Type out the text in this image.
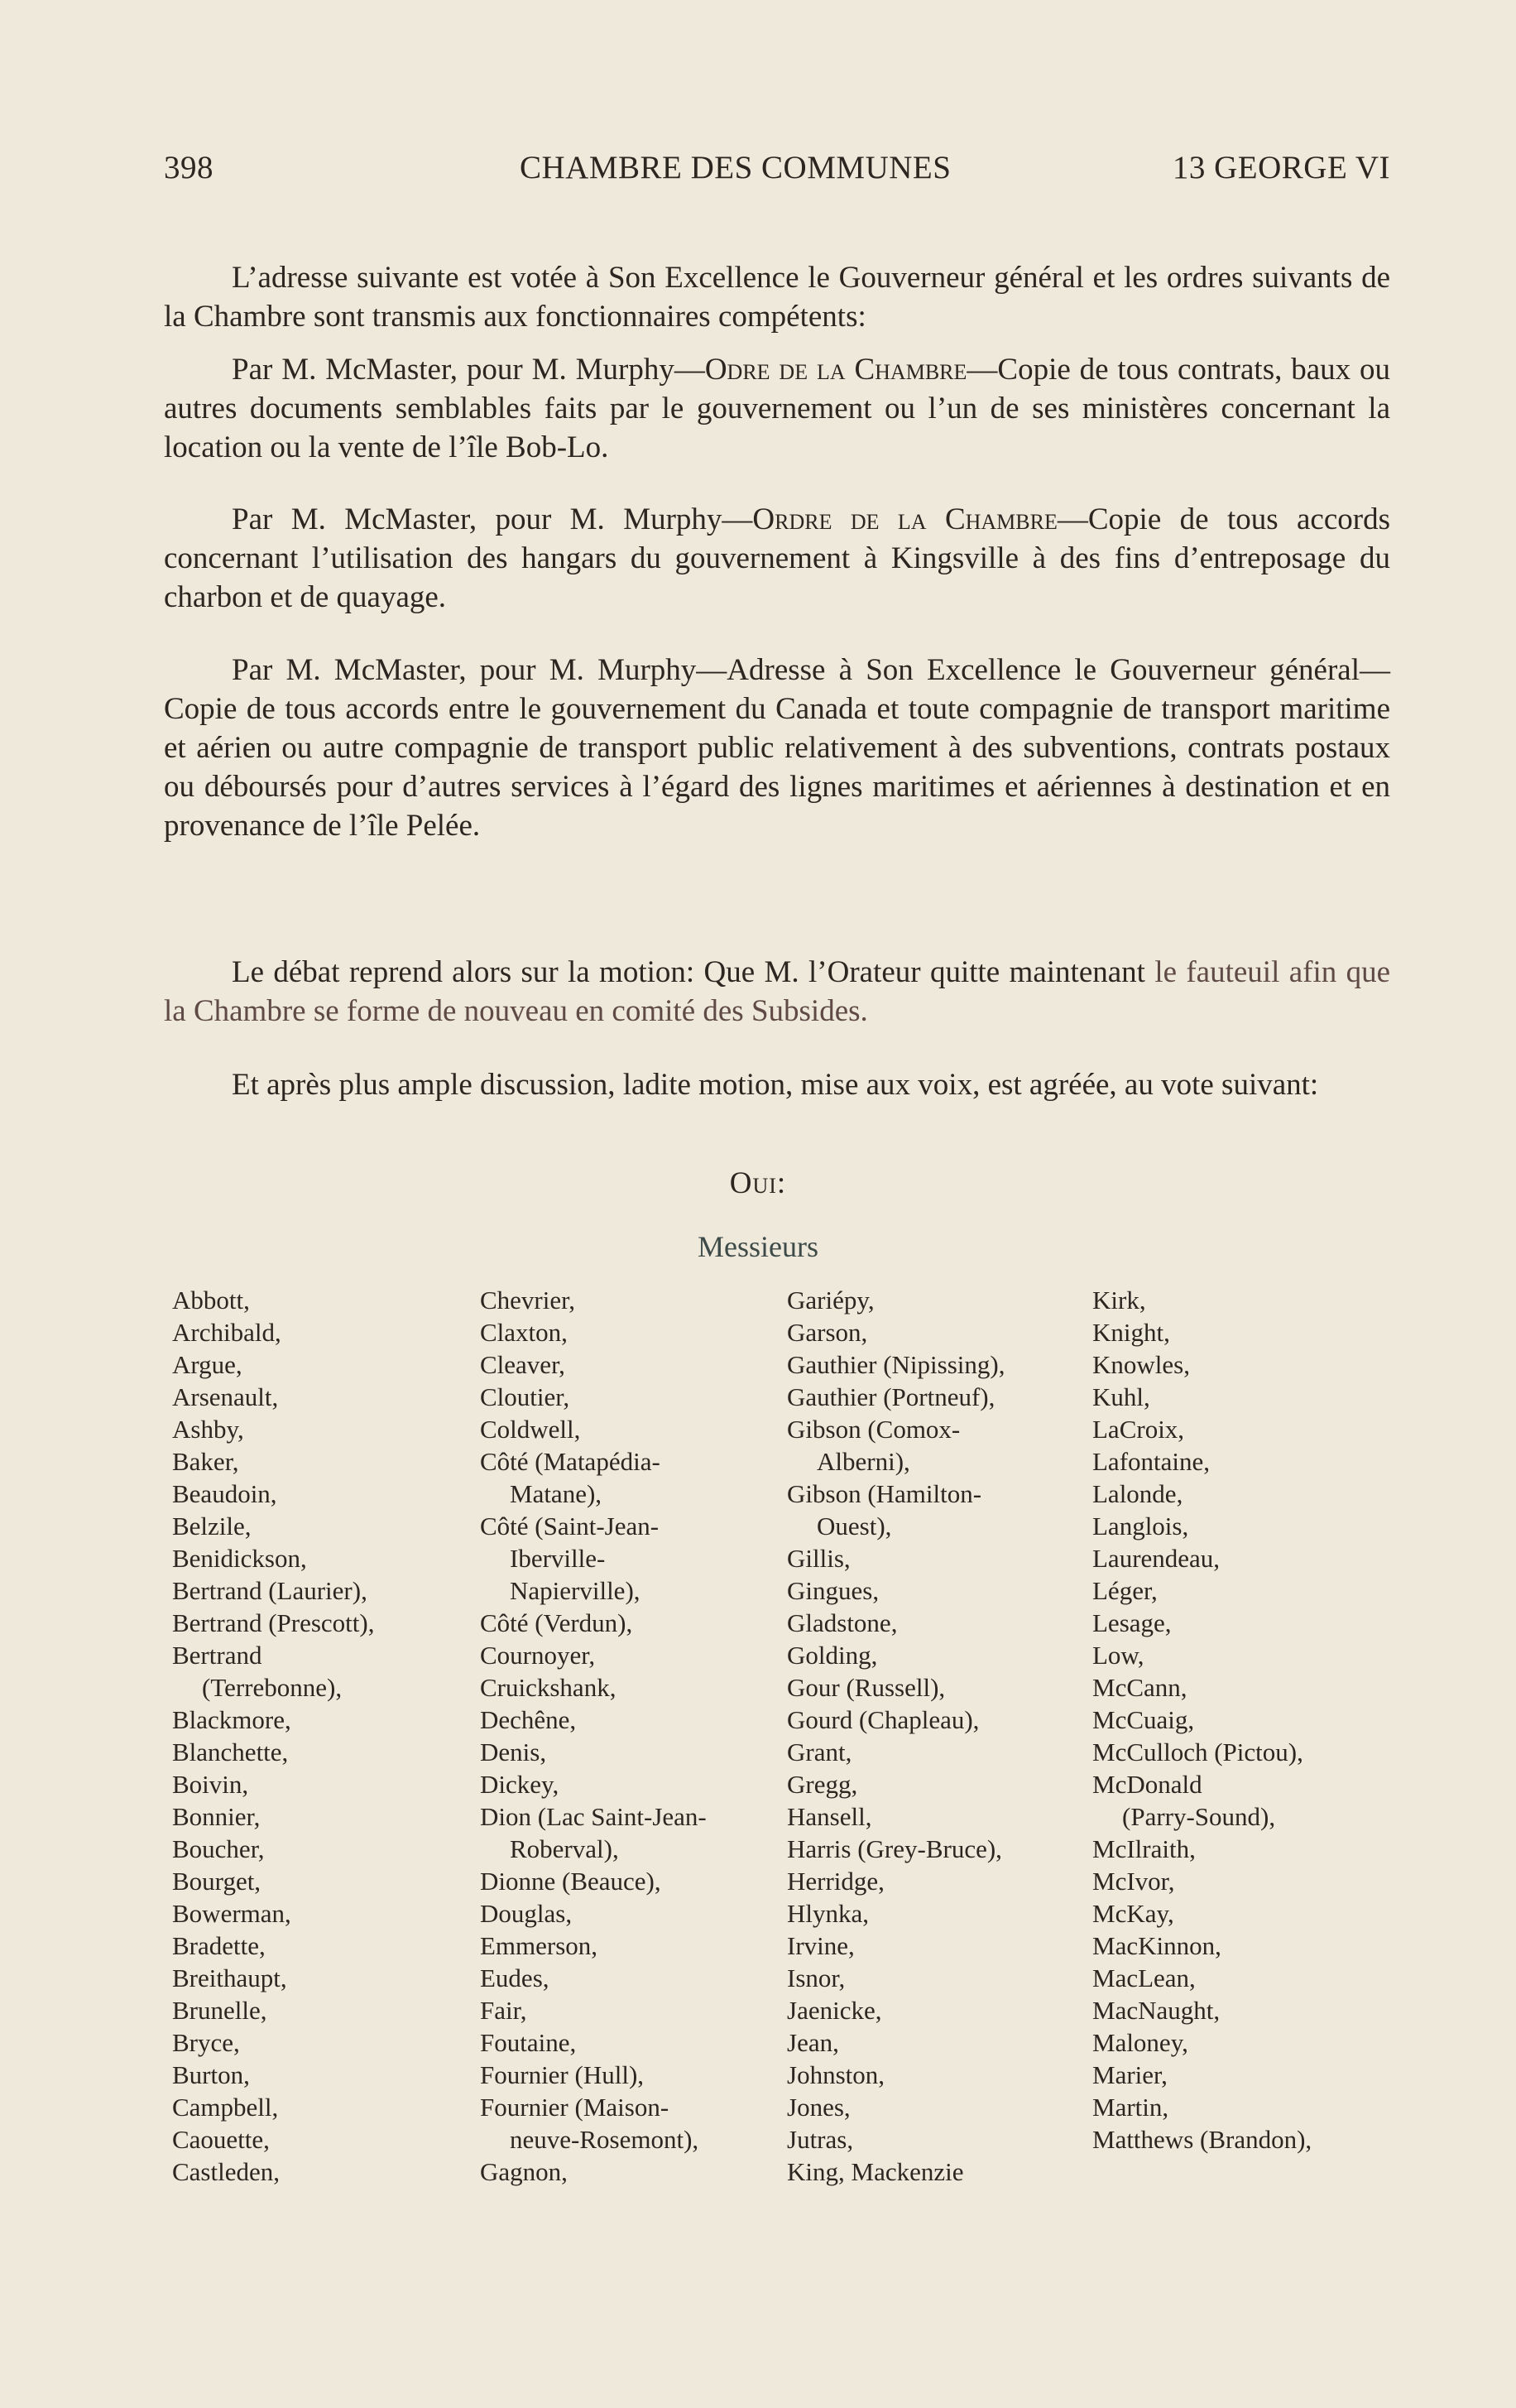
398	CHAMBRE DES COMMUNES	13 GEORGE VI

L’adresse suivante est votée à Son Excellence le Gouverneur général et les ordres suivants de la Chambre sont transmis aux fonctionnaires compétents:

Par M. McMaster, pour M. Murphy—Odre de la Chambre—Copie de tous contrats, baux ou autres documents semblables faits par le gouvernement ou l’un de ses ministères concernant la location ou la vente de l’île Bob-Lo.

Par M. McMaster, pour M. Murphy—Ordre de la Chambre—Copie de tous accords concernant l’utilisation des hangars du gouvernement à Kingsville à des fins d’entreposage du charbon et de quayage.

Par M. McMaster, pour M. Murphy—Adresse à Son Excellence le Gouverneur général—Copie de tous accords entre le gouvernement du Canada et toute compagnie de transport maritime et aérien ou autre compagnie de transport public relativement à des subventions, contrats postaux ou déboursés pour d’autres services à l’égard des lignes maritimes et aériennes à destination et en provenance de l’île Pelée.

Le débat reprend alors sur la motion: Que M. l’Orateur quitte maintenant le fauteuil afin que la Chambre se forme de nouveau en comité des Subsides.

Et après plus ample discussion, ladite motion, mise aux voix, est agréée, au vote suivant:

Oui:
Messieurs
Abbott,
Archibald,
Argue,
Arsenault,
Ashby,
Baker,
Beaudoin,
Belzile,
Benidickson,
Bertrand (Laurier),
Bertrand (Prescott),
Bertrand
(Terrebonne),
Blackmore,
Blanchette,
Boivin,
Bonnier,
Boucher,
Bourget,
Bowerman,
Bradette,
Breithaupt,
Brunelle,
Bryce,
Burton,
Campbell,
Caouette,
Castleden,
Chevrier,
Claxton,
Cleaver,
Cloutier,
Coldwell,
Côté (Matapédia-
Matane),
Côté (Saint-Jean-
Iberville-
Napierville),
Côté (Verdun),
Cournoyer,
Cruickshank,
Dechêne,
Denis,
Dickey,
Dion (Lac Saint-Jean-
Roberval),
Dionne (Beauce),
Douglas,
Emmerson,
Eudes,
Fair,
Foutaine,
Fournier (Hull),
Fournier (Maison-
neuve-Rosemont),
Gagnon,
Gariépy,
Garson,
Gauthier (Nipissing),
Gauthier (Portneuf),
Gibson (Comox-
Alberni),
Gibson (Hamilton-
Ouest),
Gillis,
Gingues,
Gladstone,
Golding,
Gour (Russell),
Gourd (Chapleau),
Grant,
Gregg,
Hansell,
Harris (Grey-Bruce),
Herridge,
Hlynka,
Irvine,
Isnor,
Jaenicke,
Jean,
Johnston,
Jones,
Jutras,
King, Mackenzie
Kirk,
Knight,
Knowles,
Kuhl,
LaCroix,
Lafontaine,
Lalonde,
Langlois,
Laurendeau,
Léger,
Lesage,
Low,
McCann,
McCuaig,
McCulloch (Pictou),
McDonald
(Parry-Sound),
McIlraith,
McIvor,
McKay,
MacKinnon,
MacLean,
MacNaught,
Maloney,
Marier,
Martin,
Matthews (Brandon),
